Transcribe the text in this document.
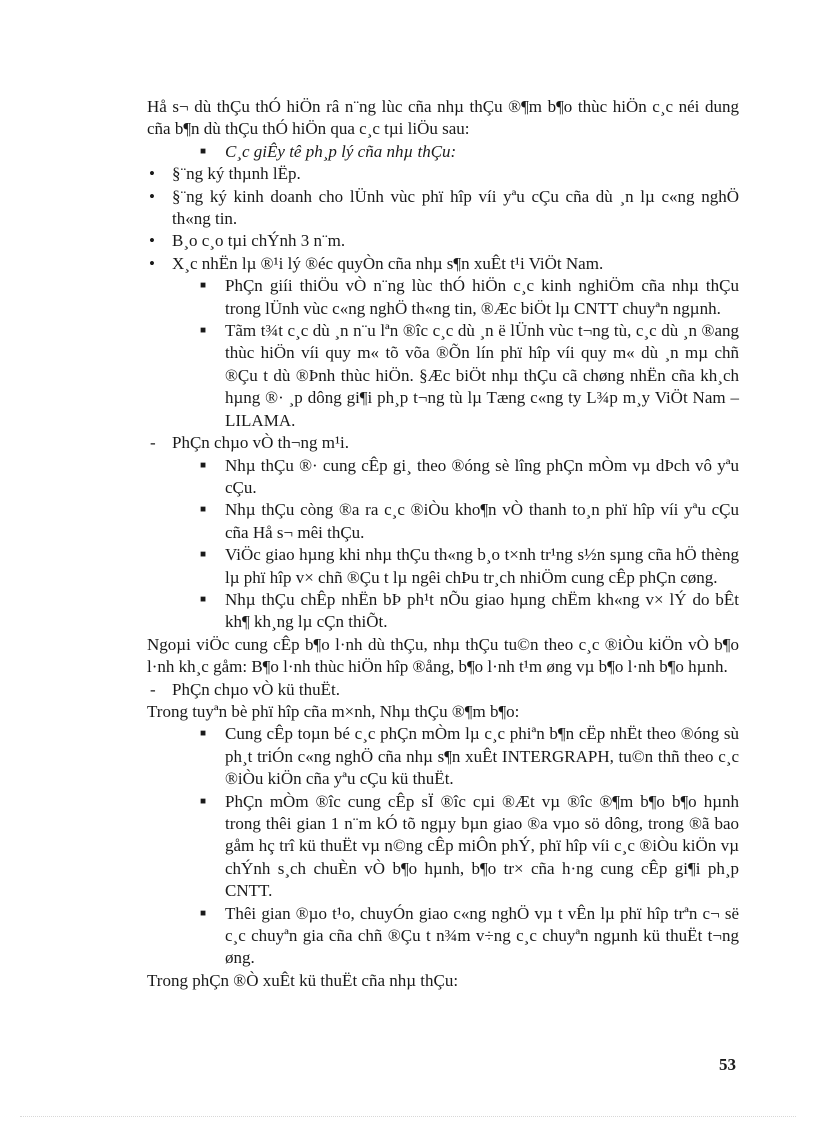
Hå s¬ dù thÇu thÓ hiÖn râ n¨ng lùc cña nhµ thÇu ®¶m b¶o thùc hiÖn c¸c néi dung cña b¶n dù thÇu thÓ hiÖn qua c¸c tµi liÖu sau:

■ C¸c giÊy tê ph¸p lý cña nhµ thÇu:
• §¨ng ký thµnh lËp.
• §¨ng ký kinh doanh cho lÜnh vùc phï hîp víi yªu cÇu cña dù ¸n lµ c«ng nghÖ th«ng tin.
• B¸o c¸o tµi chÝnh 3 n¨m.
• X¸c nhËn lµ ®¹i lý ®éc quyÒn cña nhµ s¶n xuÊt t¹i ViÖt Nam.
■ PhÇn giíi thiÖu vÒ n¨ng lùc thÓ hiÖn c¸c kinh nghiÖm cña nhµ thÇu trong lÜnh vùc c«ng nghÖ th«ng tin, ®Æc biÖt lµ CNTT chuyªn ngµnh.
■ Tãm t¾t c¸c dù ¸n n¨u lªn ®îc c¸c dù ¸n ë lÜnh vùc t¬ng tù, c¸c dù ¸n ®ang thùc hiÖn víi quy m« tõ võa ®Õn lín phï hîp víi quy m« dù ¸n mµ chñ ®Çu t dù ®Þnh thùc hiÖn. §Æc biÖt nhµ thÇu cã chøng nhËn cña kh¸ch hµng ®· ¸p dông gi¶i ph¸p t¬ng tù lµ Tæng c«ng ty L¾p m¸y ViÖt Nam – LILAMA.
- PhÇn chµo vÒ th¬ng m¹i.
■ Nhµ thÇu ®· cung cÊp gi¸ theo ®óng sè lîng phÇn mÒm vµ dÞch vô yªu cÇu.
■ Nhµ thÇu còng ®a ra c¸c ®iÒu kho¶n vÒ thanh to¸n phï hîp víi yªu cÇu cña Hå s¬ mêi thÇu.
■ ViÖc giao hµng khi nhµ thÇu th«ng b¸o t×nh tr¹ng s½n sµng cña hÖ thèng lµ phï hîp v× chñ ®Çu t lµ ngêi chÞu tr¸ch nhiÖm cung cÊp phÇn cøng.
■ Nhµ thÇu chÊp nhËn bÞ ph¹t nÕu giao hµng chËm kh«ng v× lÝ do bÊt kh¶ kh¸ng lµ cÇn thiÕt.

Ngoµi viÖc cung cÊp b¶o l·nh dù thÇu, nhµ thÇu tu©n theo c¸c ®iÒu kiÖn vÒ b¶o l·nh kh¸c gåm: B¶o l·nh thùc hiÖn hîp ®ång, b¶o l·nh t¹m øng vµ b¶o l·nh b¶o hµnh.

- PhÇn chµo vÒ kü thuËt.

Trong tuyªn bè phï hîp cña m×nh, Nhµ thÇu ®¶m b¶o:

■ Cung cÊp toµn bé c¸c phÇn mÒm lµ c¸c phiªn b¶n cËp nhËt theo ®óng sù ph¸t triÓn c«ng nghÖ cña nhµ s¶n xuÊt INTERGRAPH, tu©n thñ theo c¸c ®iÒu kiÖn cña yªu cÇu kü thuËt.
■ PhÇn mÒm ®îc cung cÊp sÏ ®îc cµi ®Æt vµ ®îc ®¶m b¶o b¶o hµnh trong thêi gian 1 n¨m kÓ tõ ngµy bµn giao ®a vµo sö dông, trong ®ã bao gåm hç trî kü thuËt vµ n©ng cÊp miÔn phÝ, phï hîp víi c¸c ®iÒu kiÖn vµ chÝnh s¸ch chuÈn vÒ b¶o hµnh, b¶o tr× cña h·ng cung cÊp gi¶i ph¸p CNTT.
■ Thêi gian ®µo t¹o, chuyÓn giao c«ng nghÖ vµ t vÊn lµ phï hîp trªn c¬ së c¸c chuyªn gia cña chñ ®Çu t n¾m v÷ng c¸c chuyªn ngµnh kü thuËt t¬ng øng.

Trong phÇn ®Ò xuÊt kü thuËt cña nhµ thÇu:

53
